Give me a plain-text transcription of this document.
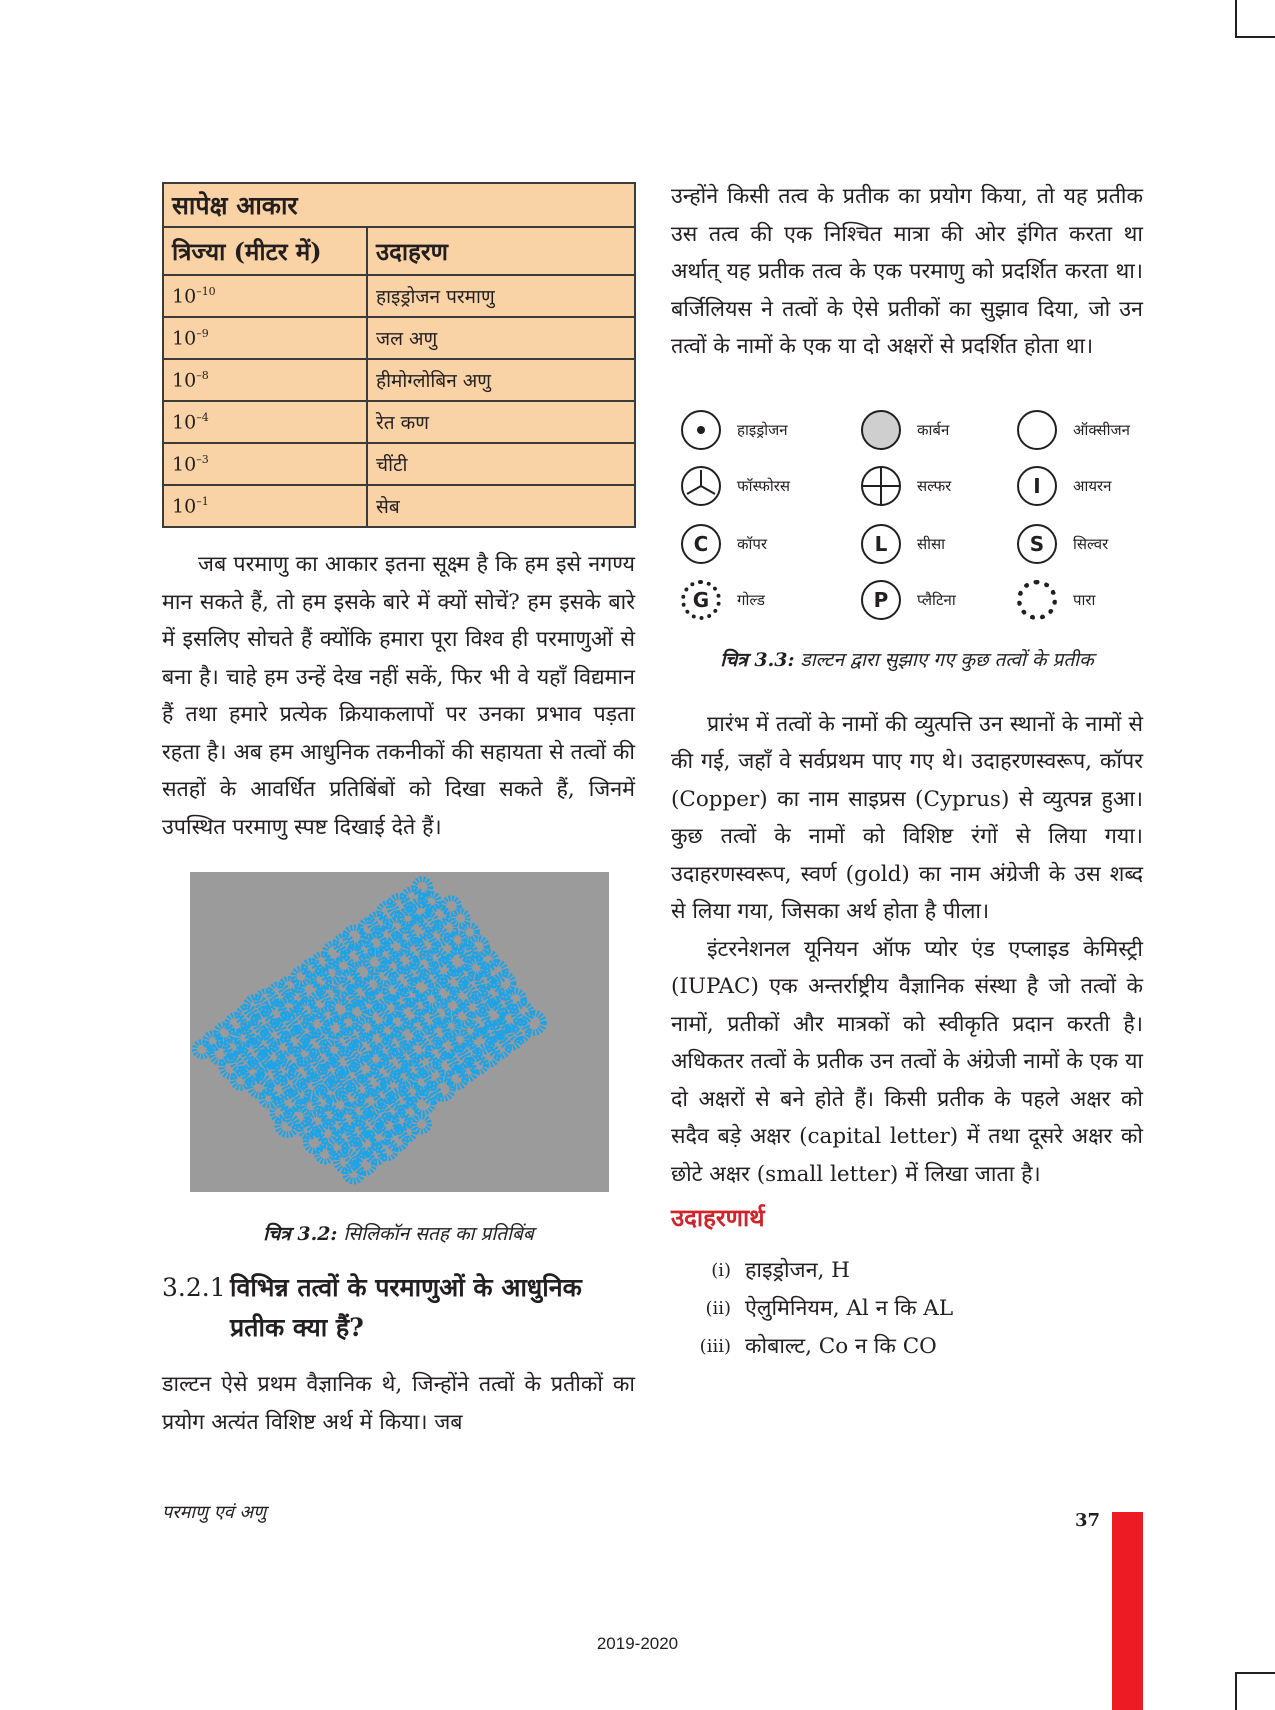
सापेक्ष आकार	
त्रिज्या (मीटर में)	उदाहरण
$10^{-10}$	हाइड्रोजन परमाणु
$10^{-9}$	जल अणु
$10^{-8}$	हीमोग्लोबिन अणु
$10^{-4}$	रेत कण
$10^{-3}$	चींटी
$10^{-1}$	सेब

जब परमाणु का आकार इतना सूक्ष्म है कि हम इसे नगण्य मान सकते हैं, तो हम इसके बारे में क्यों सोचें? हम इसके बारे में इसलिए सोचते हैं क्योंकि हमारा पूरा विश्व ही परमाणुओं से बना है। चाहे हम उन्हें देख नहीं सकें, फिर भी वे यहाँ विद्यमान हैं तथा हमारे प्रत्येक क्रियाकलापों पर उनका प्रभाव पड़ता रहता है। अब हम आधुनिक तकनीकों की सहायता से तत्वों की सतहों के आवर्धित प्रतिबिंबों को दिखा सकते हैं, जिनमें उपस्थित परमाणु स्पष्ट दिखाई देते हैं।

चित्र 3.2: सिलिकॉन सतह का प्रतिबिंब
3.2.1 विभिन्न तत्वों के परमाणुओं के आधुनिक प्रतीक क्या हैं?

डाल्टन ऐसे प्रथम वैज्ञानिक थे, जिन्होंने तत्वों के प्रतीकों का प्रयोग अत्यंत विशिष्ट अर्थ में किया। जब

उन्होंने किसी तत्व के प्रतीक का प्रयोग किया, तो यह प्रतीक उस तत्व की एक निश्चित मात्रा की ओर इंगित करता था अर्थात् यह प्रतीक तत्व के एक परमाणु को प्रदर्शित करता था। बर्जिलियस ने तत्वों के ऐसे प्रतीकों का सुझाव दिया, जो उन तत्वों के नामों के एक या दो अक्षरों से प्रदर्शित होता था।

हाइड्रोजन	कार्बन	ऑक्सीजन
फॉस्फोरस	सल्फर	I	आयरन
C	कॉपर	L	सीसा	S	सिल्वर
G	गोल्ड	P	प्लैटिना	पारा
चित्र 3.3: डाल्टन द्वारा सुझाए गए कुछ तत्वों के प्रतीक

प्रारंभ में तत्वों के नामों की व्युत्पत्ति उन स्थानों के नामों से की गई, जहाँ वे सर्वप्रथम पाए गए थे। उदाहरणस्वरूप, कॉपर (Copper) का नाम साइप्रस (Cyprus) से व्युत्पन्न हुआ। कुछ तत्वों के नामों को विशिष्ट रंगों से लिया गया। उदाहरणस्वरूप, स्वर्ण (gold) का नाम अंग्रेजी के उस शब्द से लिया गया, जिसका अर्थ होता है पीला।

इंटरनेशनल यूनियन ऑफ प्योर एंड एप्लाइड केमिस्ट्री (IUPAC) एक अन्तर्राष्ट्रीय वैज्ञानिक संस्था है जो तत्वों के नामों, प्रतीकों और मात्रकों को स्वीकृति प्रदान करती है। अधिकतर तत्वों के प्रतीक उन तत्वों के अंग्रेजी नामों के एक या दो अक्षरों से बने होते हैं। किसी प्रतीक के पहले अक्षर को सदैव बड़े अक्षर (capital letter) में तथा दूसरे अक्षर को छोटे अक्षर (small letter) में लिखा जाता है।

उदाहरणार्थ
(i) हाइड्रोजन, H
(ii) ऐलुमिनियम, Al न कि AL
(iii) कोबाल्ट, Co न कि CO
परमाणु एवं अणु	37
2019-2020
